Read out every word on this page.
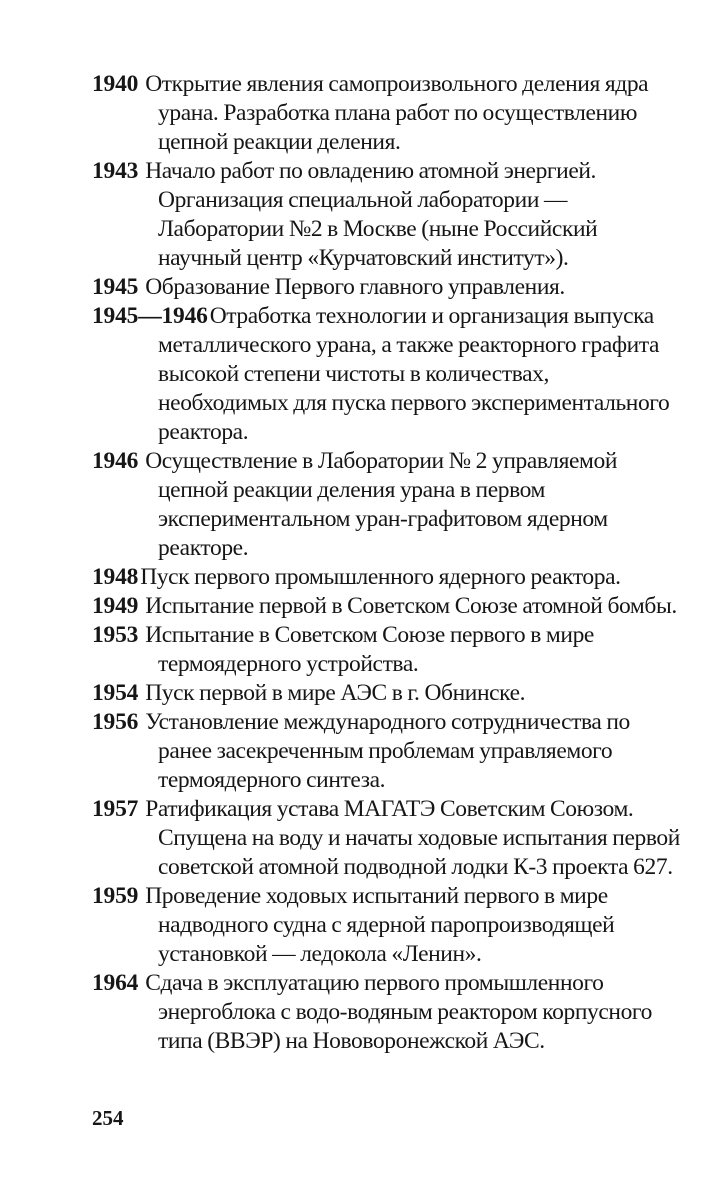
1940 Открытие явления самопроизвольного деления ядра урана. Разработка плана работ по осуществлению цепной реакции деления.
1943 Начало работ по овладению атомной энергией. Организация специальной лаборатории — Лаборатории №2 в Москве (ныне Российский научный центр «Курчатовский институт»).
1945 Образование Первого главного управления.
1945—1946Отработка технологии и организация выпуска металлического урана, а также реакторного графита высокой степени чистоты в количествах, необходимых для пуска первого экспериментального реактора.
1946 Осуществление в Лаборатории № 2 управляемой цепной реакции деления урана в первом экспериментальном уран-графитовом ядерном реакторе.
1948Пуск первого промышленного ядерного реактора.
1949 Испытание первой в Советском Союзе атомной бомбы.
1953 Испытание в Советском Союзе первого в мире термоядерного устройства.
1954 Пуск первой в мире АЭС в г. Обнинске.
1956 Установление международного сотрудничества по ранее засекреченным проблемам управляемого термоядерного синтеза.
1957 Ратификация устава МАГАТЭ Советским Союзом. Спущена на воду и начаты ходовые испытания первой советской атомной подводной лодки К-3 проекта 627.
1959 Проведение ходовых испытаний первого в мире надводного судна с ядерной паропроизводящей установкой — ледокола «Ленин».
1964 Сдача в эксплуатацию первого промышленного энергоблока с водо-водяным реактором корпусного типа (ВВЭР) на Нововоронежской АЭС.
254
